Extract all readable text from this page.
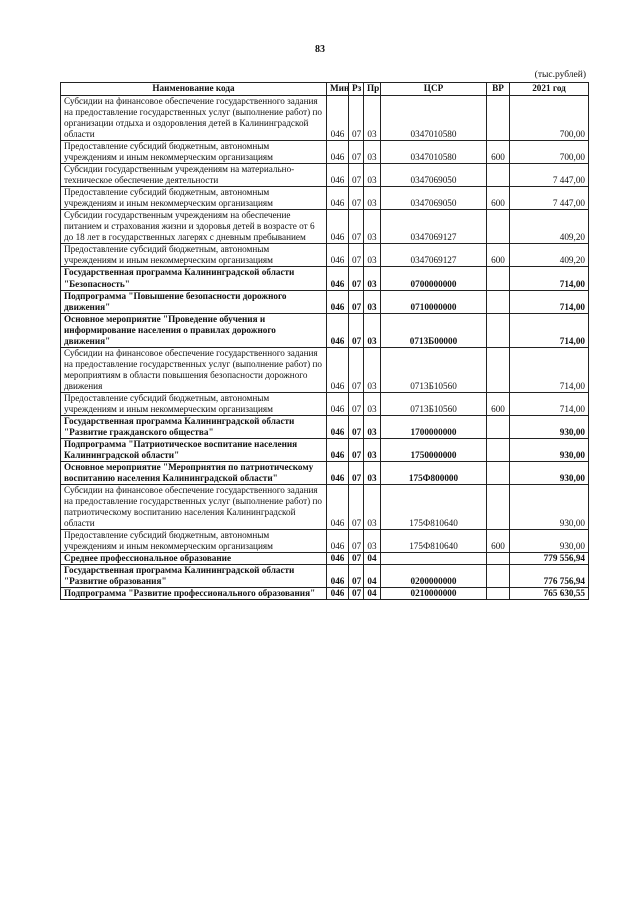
83
(тыс.рублей)
Наименование кода	Мин	Рз	Пр	ЦСР	ВР	2021 год
Субсидии на финансовое обеспечение государственного задания на предоставление государственных услуг (выполнение работ) по организации отдыха и оздоровления детей в Калининградской области	046	07	03	0347010580		700,00
Предоставление субсидий бюджетным, автономным учреждениям и иным некоммерческим организациям	046	07	03	0347010580	600	700,00
Субсидии государственным учреждениям на материально-техническое обеспечение деятельности	046	07	03	0347069050		7 447,00
Предоставление субсидий бюджетным, автономным учреждениям и иным некоммерческим организациям	046	07	03	0347069050	600	7 447,00
Субсидии государственным учреждениям на обеспечение питанием и страхования жизни и здоровья детей в возрасте от 6 до 18 лет в государственных лагерях с дневным пребыванием	046	07	03	0347069127		409,20
Предоставление субсидий бюджетным, автономным учреждениям и иным некоммерческим организациям	046	07	03	0347069127	600	409,20
Государственная программа Калининградской области "Безопасность"	046	07	03	0700000000		714,00
Подпрограмма "Повышение безопасности дорожного движения"	046	07	03	0710000000		714,00
Основное мероприятие "Проведение обучения и информирование населения о правилах дорожного движения"	046	07	03	0713Б00000		714,00
Субсидии на финансовое обеспечение государственного задания на предоставление государственных услуг (выполнение работ) по мероприятиям в области повышения безопасности дорожного движения	046	07	03	0713Б10560		714,00
Предоставление субсидий бюджетным, автономным учреждениям и иным некоммерческим организациям	046	07	03	0713Б10560	600	714,00
Государственная программа Калининградской области "Развитие гражданского общества"	046	07	03	1700000000		930,00
Подпрограмма "Патриотическое воспитание населения Калининградской области"	046	07	03	1750000000		930,00
Основное мероприятие "Мероприятия по патриотическому воспитанию населения Калининградской области"	046	07	03	175Ф800000		930,00
Субсидии на финансовое обеспечение государственного задания на предоставление государственных услуг (выполнение работ) по патриотическому воспитанию населения Калининградской области	046	07	03	175Ф810640		930,00
Предоставление субсидий бюджетным, автономным учреждениям и иным некоммерческим организациям	046	07	03	175Ф810640	600	930,00
Среднее профессиональное образование	046	07	04			779 556,94
Государственная программа Калининградской области "Развитие образования"	046	07	04	0200000000		776 756,94
Подпрограмма "Развитие профессионального образования"	046	07	04	0210000000		765 630,55
